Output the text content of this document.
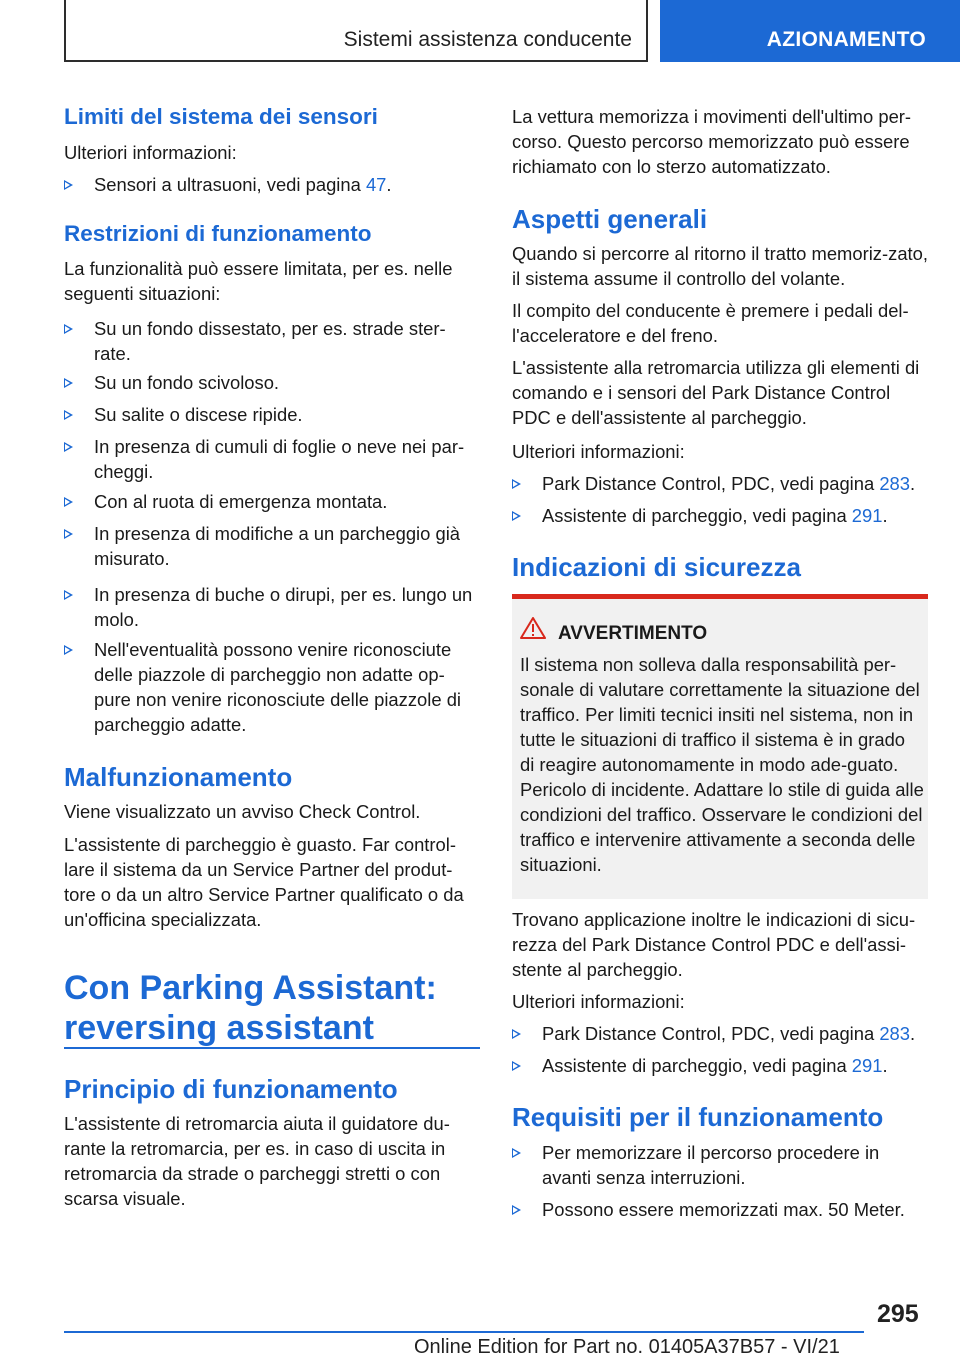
Sistemi assistenza conducente	AZIONAMENTO
Limiti del sistema dei sensori
Ulteriori informazioni:
Sensori a ultrasuoni, vedi pagina 47.
Restrizioni di funzionamento
La funzionalità può essere limitata, per es. nelle seguenti situazioni:
Su un fondo dissestato, per es. strade ster-rate.
Su un fondo scivoloso.
Su salite o discese ripide.
In presenza di cumuli di foglie o neve nei par-cheggi.
Con al ruota di emergenza montata.
In presenza di modifiche a un parcheggio già misurato.
In presenza di buche o dirupi, per es. lungo un molo.
Nell'eventualità possono venire riconosciute delle piazzole di parcheggio non adatte op-pure non venire riconosciute delle piazzole di parcheggio adatte.
Malfunzionamento
Viene visualizzato un avviso Check Control.
L'assistente di parcheggio è guasto. Far control-lare il sistema da un Service Partner del produt-tore o da un altro Service Partner qualificato o da un'officina specializzata.
Con Parking Assistant:
reversing assistant
Principio di funzionamento
L'assistente di retromarcia aiuta il guidatore du-rante la retromarcia, per es. in caso di uscita in retromarcia da strade o parcheggi stretti o con scarsa visuale.
La vettura memorizza i movimenti dell'ultimo per-corso. Questo percorso memorizzato può essere richiamato con lo sterzo automatizzato.
Aspetti generali
Quando si percorre al ritorno il tratto memoriz-zato, il sistema assume il controllo del volante.
Il compito del conducente è premere i pedali del-l'acceleratore e del freno.
L'assistente alla retromarcia utilizza gli elementi di comando e i sensori del Park Distance Control PDC e dell'assistente al parcheggio.
Ulteriori informazioni:
Park Distance Control, PDC, vedi pagina 283.
Assistente di parcheggio, vedi pagina 291.
Indicazioni di sicurezza
AVVERTIMENTO
Il sistema non solleva dalla responsabilità per-sonale di valutare correttamente la situazione del traffico. Per limiti tecnici insiti nel sistema, non in tutte le situazioni di traffico il sistema è in grado di reagire autonomamente in modo ade-guato. Pericolo di incidente. Adattare lo stile di guida alle condizioni del traffico. Osservare le condizioni del traffico e intervenire attivamente a seconda delle situazioni.
Trovano applicazione inoltre le indicazioni di sicu-rezza del Park Distance Control PDC e dell'assi-stente al parcheggio.
Ulteriori informazioni:
Park Distance Control, PDC, vedi pagina 283.
Assistente di parcheggio, vedi pagina 291.
Requisiti per il funzionamento
Per memorizzare il percorso procedere in avanti senza interruzioni.
Possono essere memorizzati max. 50 Meter.
295
Online Edition for Part no. 01405A37B57 - VI/21
